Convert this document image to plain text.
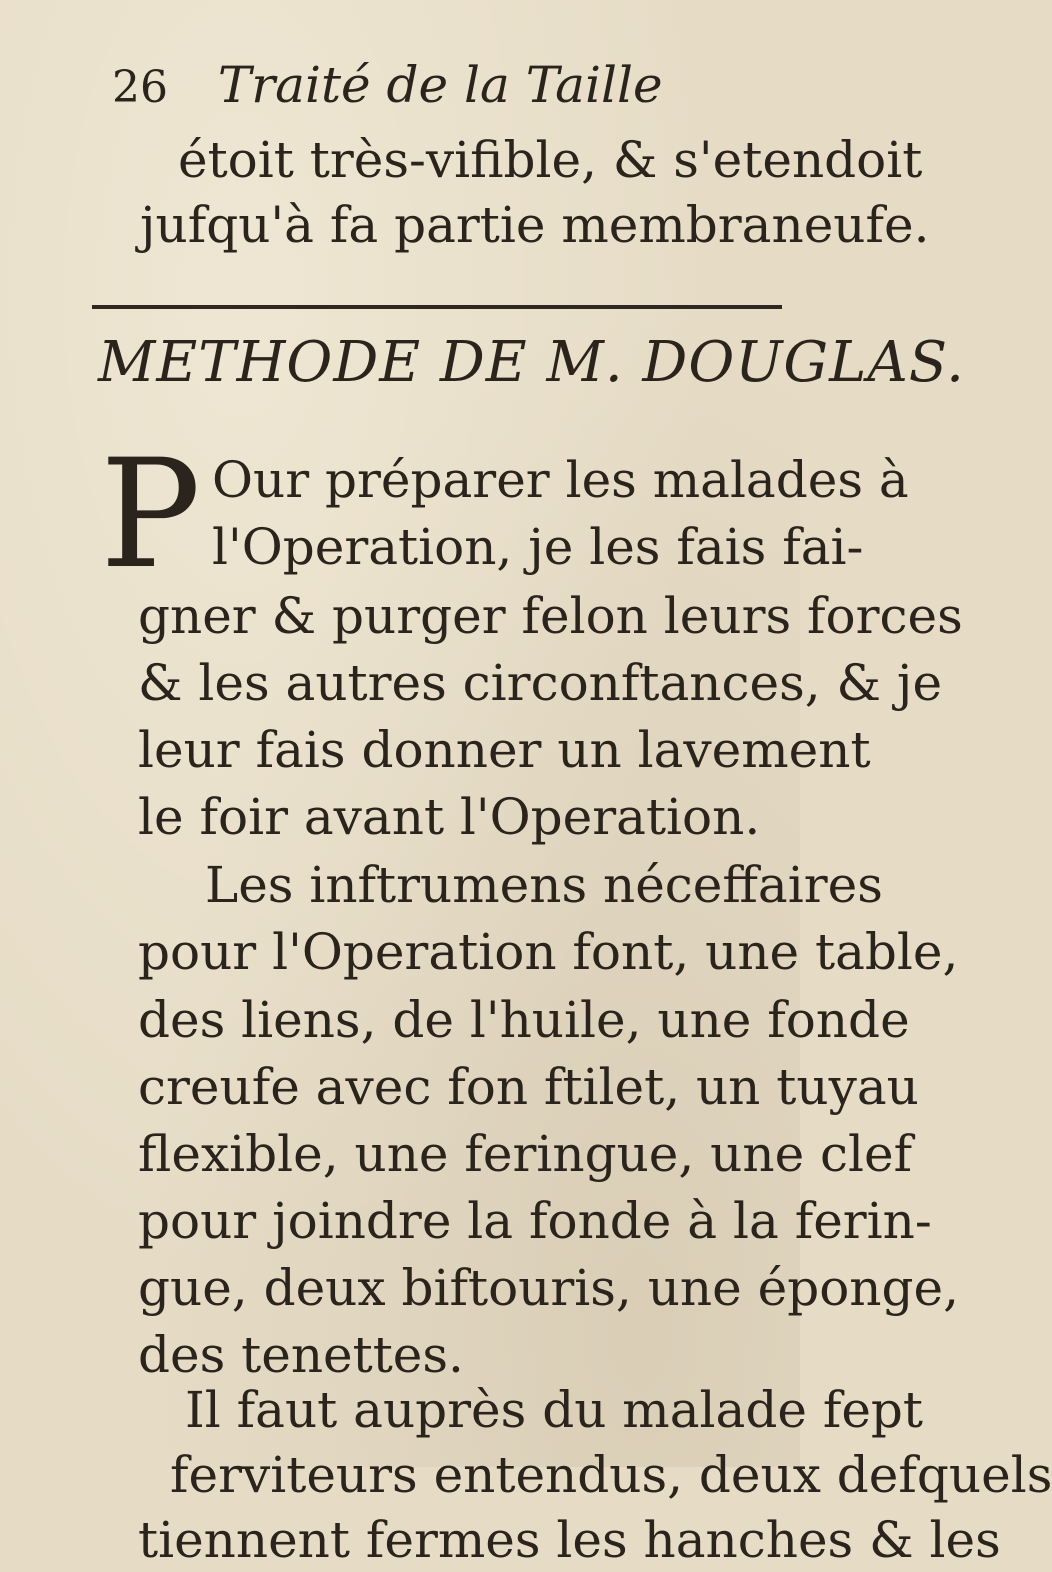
26 Traité de la Taille
étoit très-vifible, & s'etendoit
jufqu'à fa partie membraneufe.
METHODE DE M. DOUGLAS.
P Our préparer les malades à
l'Operation, je les fais fai-
gner & purger felon leurs forces
& les autres circonftances, & je
leur fais donner un lavement
le foir avant l'Operation.
Les inftrumens néceffaires
pour l'Operation font, une table,
des liens, de l'huile, une fonde
creufe avec fon ftilet, un tuyau
flexible, une feringue, une clef
pour joindre la fonde à la ferin-
gue, deux biftouris, une éponge,
des tenettes.
Il faut auprès du malade fept
ferviteurs entendus, deux defquels
tiennent fermes les hanches & les
